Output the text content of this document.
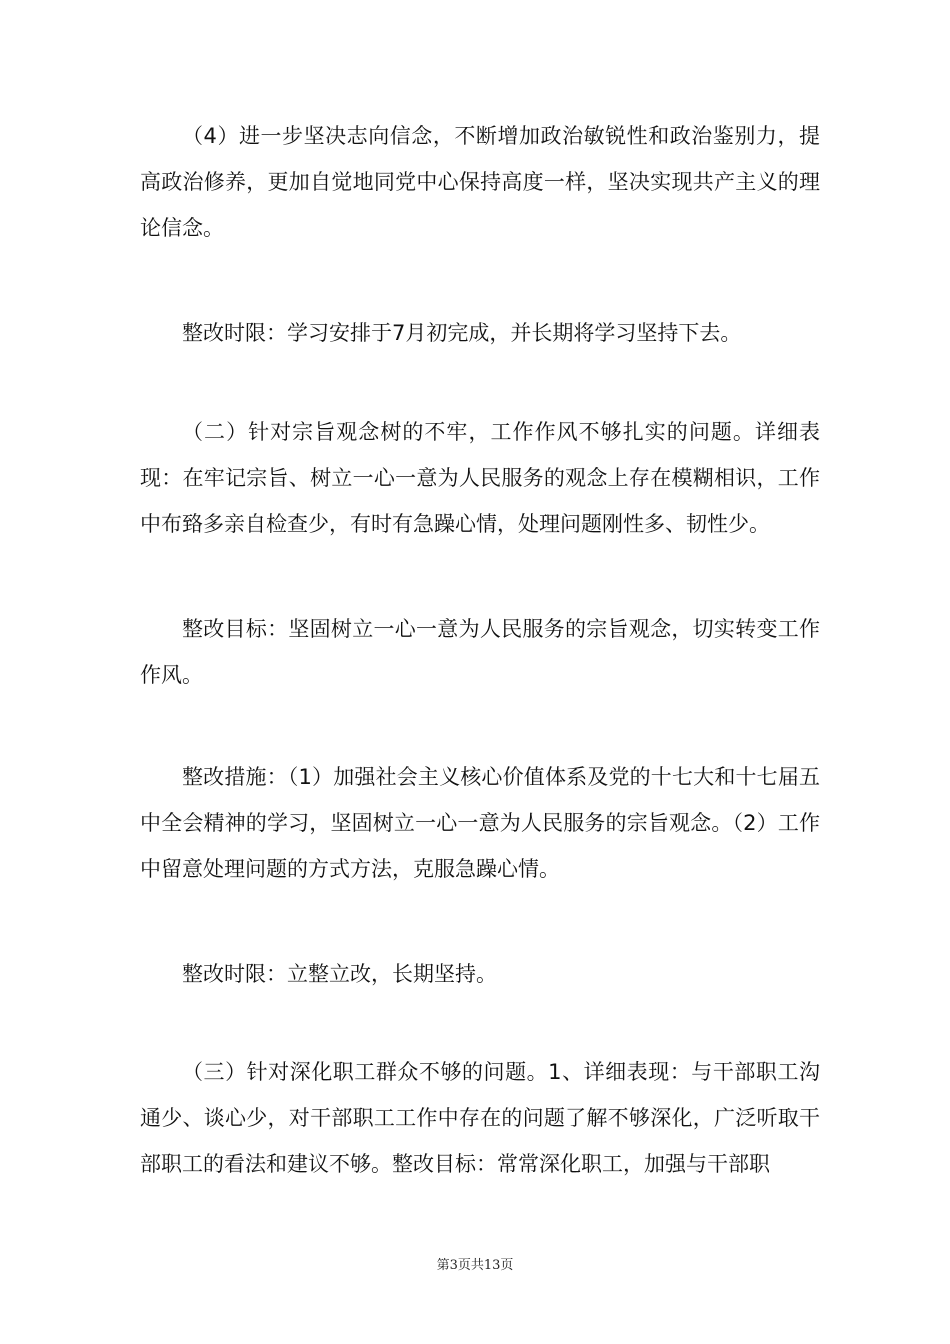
（4）进一步坚决志向信念，不断增加政治敏锐性和政治鉴别力，提高政治修养，更加自觉地同党中心保持高度一样，坚决实现共产主义的理论信念。

整改时限：学习安排于7月初完成，并长期将学习坚持下去。

（二）针对宗旨观念树的不牢，工作作风不够扎实的问题。详细表现：在牢记宗旨、树立一心一意为人民服务的观念上存在模糊相识，工作中布臵多亲自检查少，有时有急躁心情，处理问题刚性多、韧性少。

整改目标：坚固树立一心一意为人民服务的宗旨观念，切实转变工作作风。

整改措施：（1）加强社会主义核心价值体系及党的十七大和十七届五中全会精神的学习，坚固树立一心一意为人民服务的宗旨观念。（2）工作中留意处理问题的方式方法，克服急躁心情。

整改时限：立整立改，长期坚持。

（三）针对深化职工群众不够的问题。1、详细表现：与干部职工沟通少、谈心少，对干部职工工作中存在的问题了解不够深化，广泛听取干部职工的看法和建议不够。整改目标：常常深化职工，加强与干部职

第3页共13页
